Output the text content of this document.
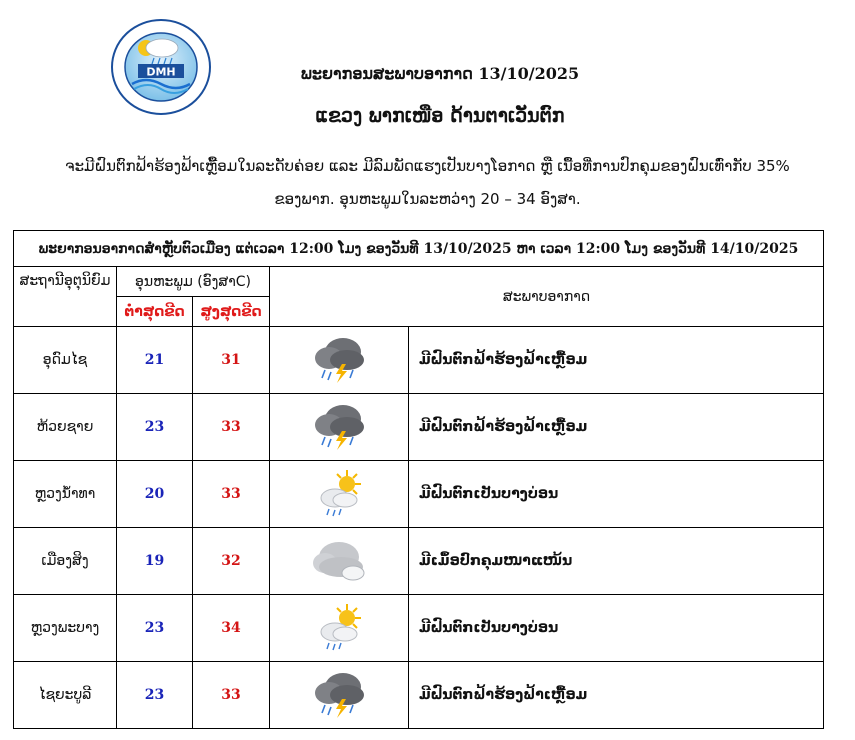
DMH	ພະຍາກອນສະພາບອາກາດ 13/10/2025
ແຂວງ ພາກເໜືອ ດ້ານຕາເວັນຕົກ
ຈະມີຝົນຕົກຟ້າຮ້ອງຟ້າເຫຼື້ອມໃນລະດັບຄ່ອຍ ແລະ ມີລົມພັດແຮງເປັນບາງໂອກາດ ຫຼື ເນື້ອທີ່ການປົກຄຸມຂອງຝົນເທົ່າກັບ 35%
ຂອງພາກ. ອຸນຫະພູມໃນລະຫວ່າງ 20 – 34 ອົງສາ.
ພະຍາກອນອາກາດສຳຫຼັບຕົວເມືອງ ແຕ່ເວລາ 12:00 ໂມງ ຂອງວັນທີ 13/10/2025 ຫາ ເວລາ 12:00 ໂມງ ຂອງວັນທີ 14/10/2025				
ສະຖານີອຸຕຸນິຍົມ	ອຸນຫະພູມ (ອົງສາC)		ສະພາບອາກາດ	
	ຕໍ່າສຸດຂີດ	ສູງສຸດຂີດ		
ອຸດົມໄຊ	21	31		ມີຝົນຕົກຟ້າຮ້ອງຟ້າເຫຼື້ອມ
ຫ້ວຍຊາຍ	23	33		ມີຝົນຕົກຟ້າຮ້ອງຟ້າເຫຼື້ອມ
ຫຼວງນ້ຳທາ	20	33		ມີຝົນຕົກເປັນບາງບ່ອນ
ເມືອງສິງ	19	32		ມີເມຶ້ອປົກຄຸມໜາແໜ້ນ
ຫຼວງພະບາງ	23	34		ມີຝົນຕົກເປັນບາງບ່ອນ
ໄຊຍະບູລີ	23	33		ມີຝົນຕົກຟ້າຮ້ອງຟ້າເຫຼື້ອມ
